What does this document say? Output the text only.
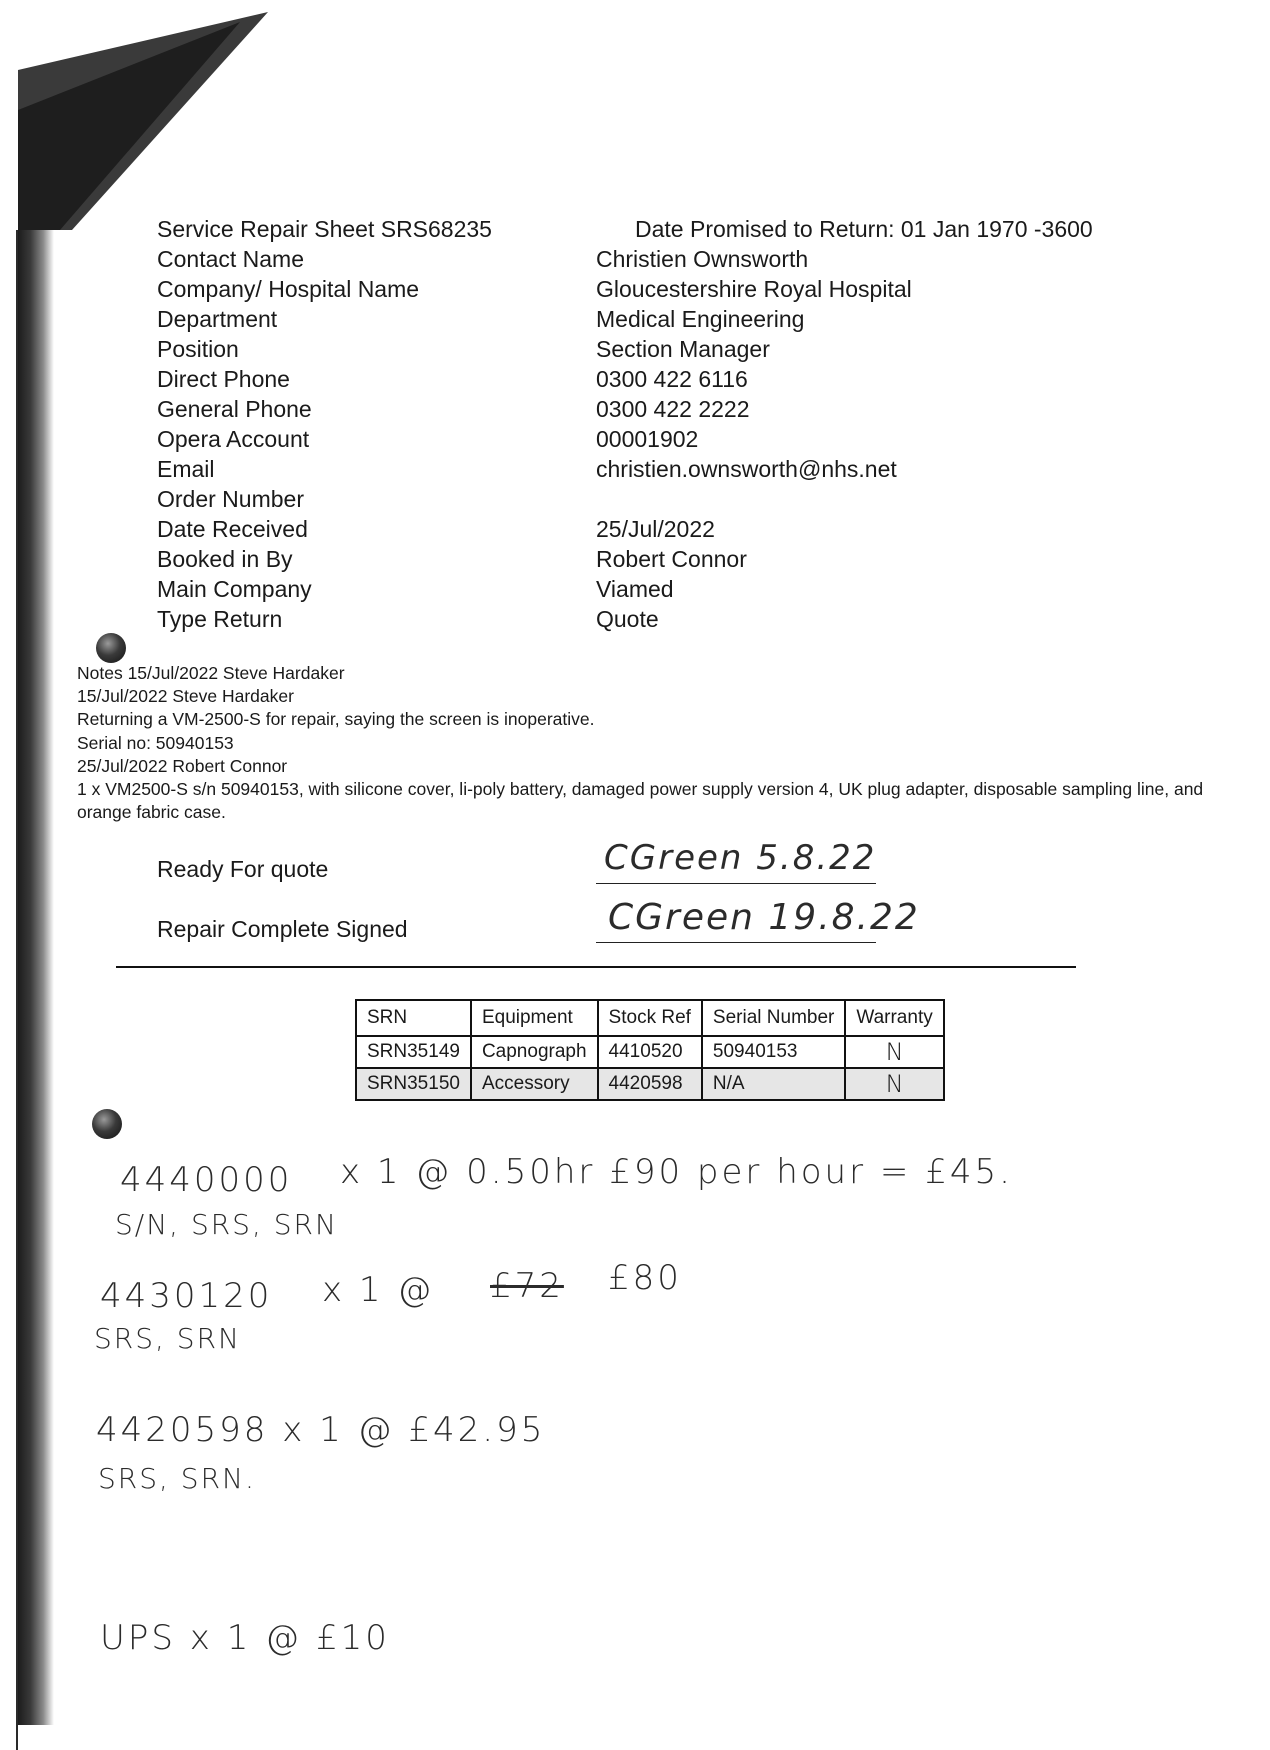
Service Repair Sheet SRS68235	Date Promised to Return: 01 Jan 1970 -3600
Contact Name	Christien Ownsworth
Company/ Hospital Name	Gloucestershire Royal Hospital
Department	Medical Engineering
Position	Section Manager
Direct Phone	0300 422 6116
General Phone	0300 422 2222
Opera Account	00001902
Email	christien.ownsworth@nhs.net
Order Number
Date Received	25/Jul/2022
Booked in By	Robert Connor
Main Company	Viamed
Type Return	Quote
Notes 15/Jul/2022 Steve Hardaker
15/Jul/2022 Steve Hardaker
Returning a VM-2500-S for repair, saying the screen is inoperative.
Serial no: 50940153
25/Jul/2022 Robert Connor
1 x VM2500-S s/n 50940153, with silicone cover, li-poly battery, damaged power supply version 4, UK plug adapter, disposable sampling line, and orange fabric case.
Ready For quote	CGreen 5.8.22
Repair Complete Signed	CGreen 19.8.22
SRN	Equipment	Stock Ref	Serial Number	Warranty
SRN35149	Capnograph	4410520	50940153	N
SRN35150	Accessory	4420598	N/A	N
4440000 x 1 @ 0.50hr £90 per hour = £45.
S/N, SRS, SRN
4430120 x 1 @ £72 £80
SRS, SRN
4420598 x 1 @ £42.95
SRS, SRN.
UPS x 1 @ £10
